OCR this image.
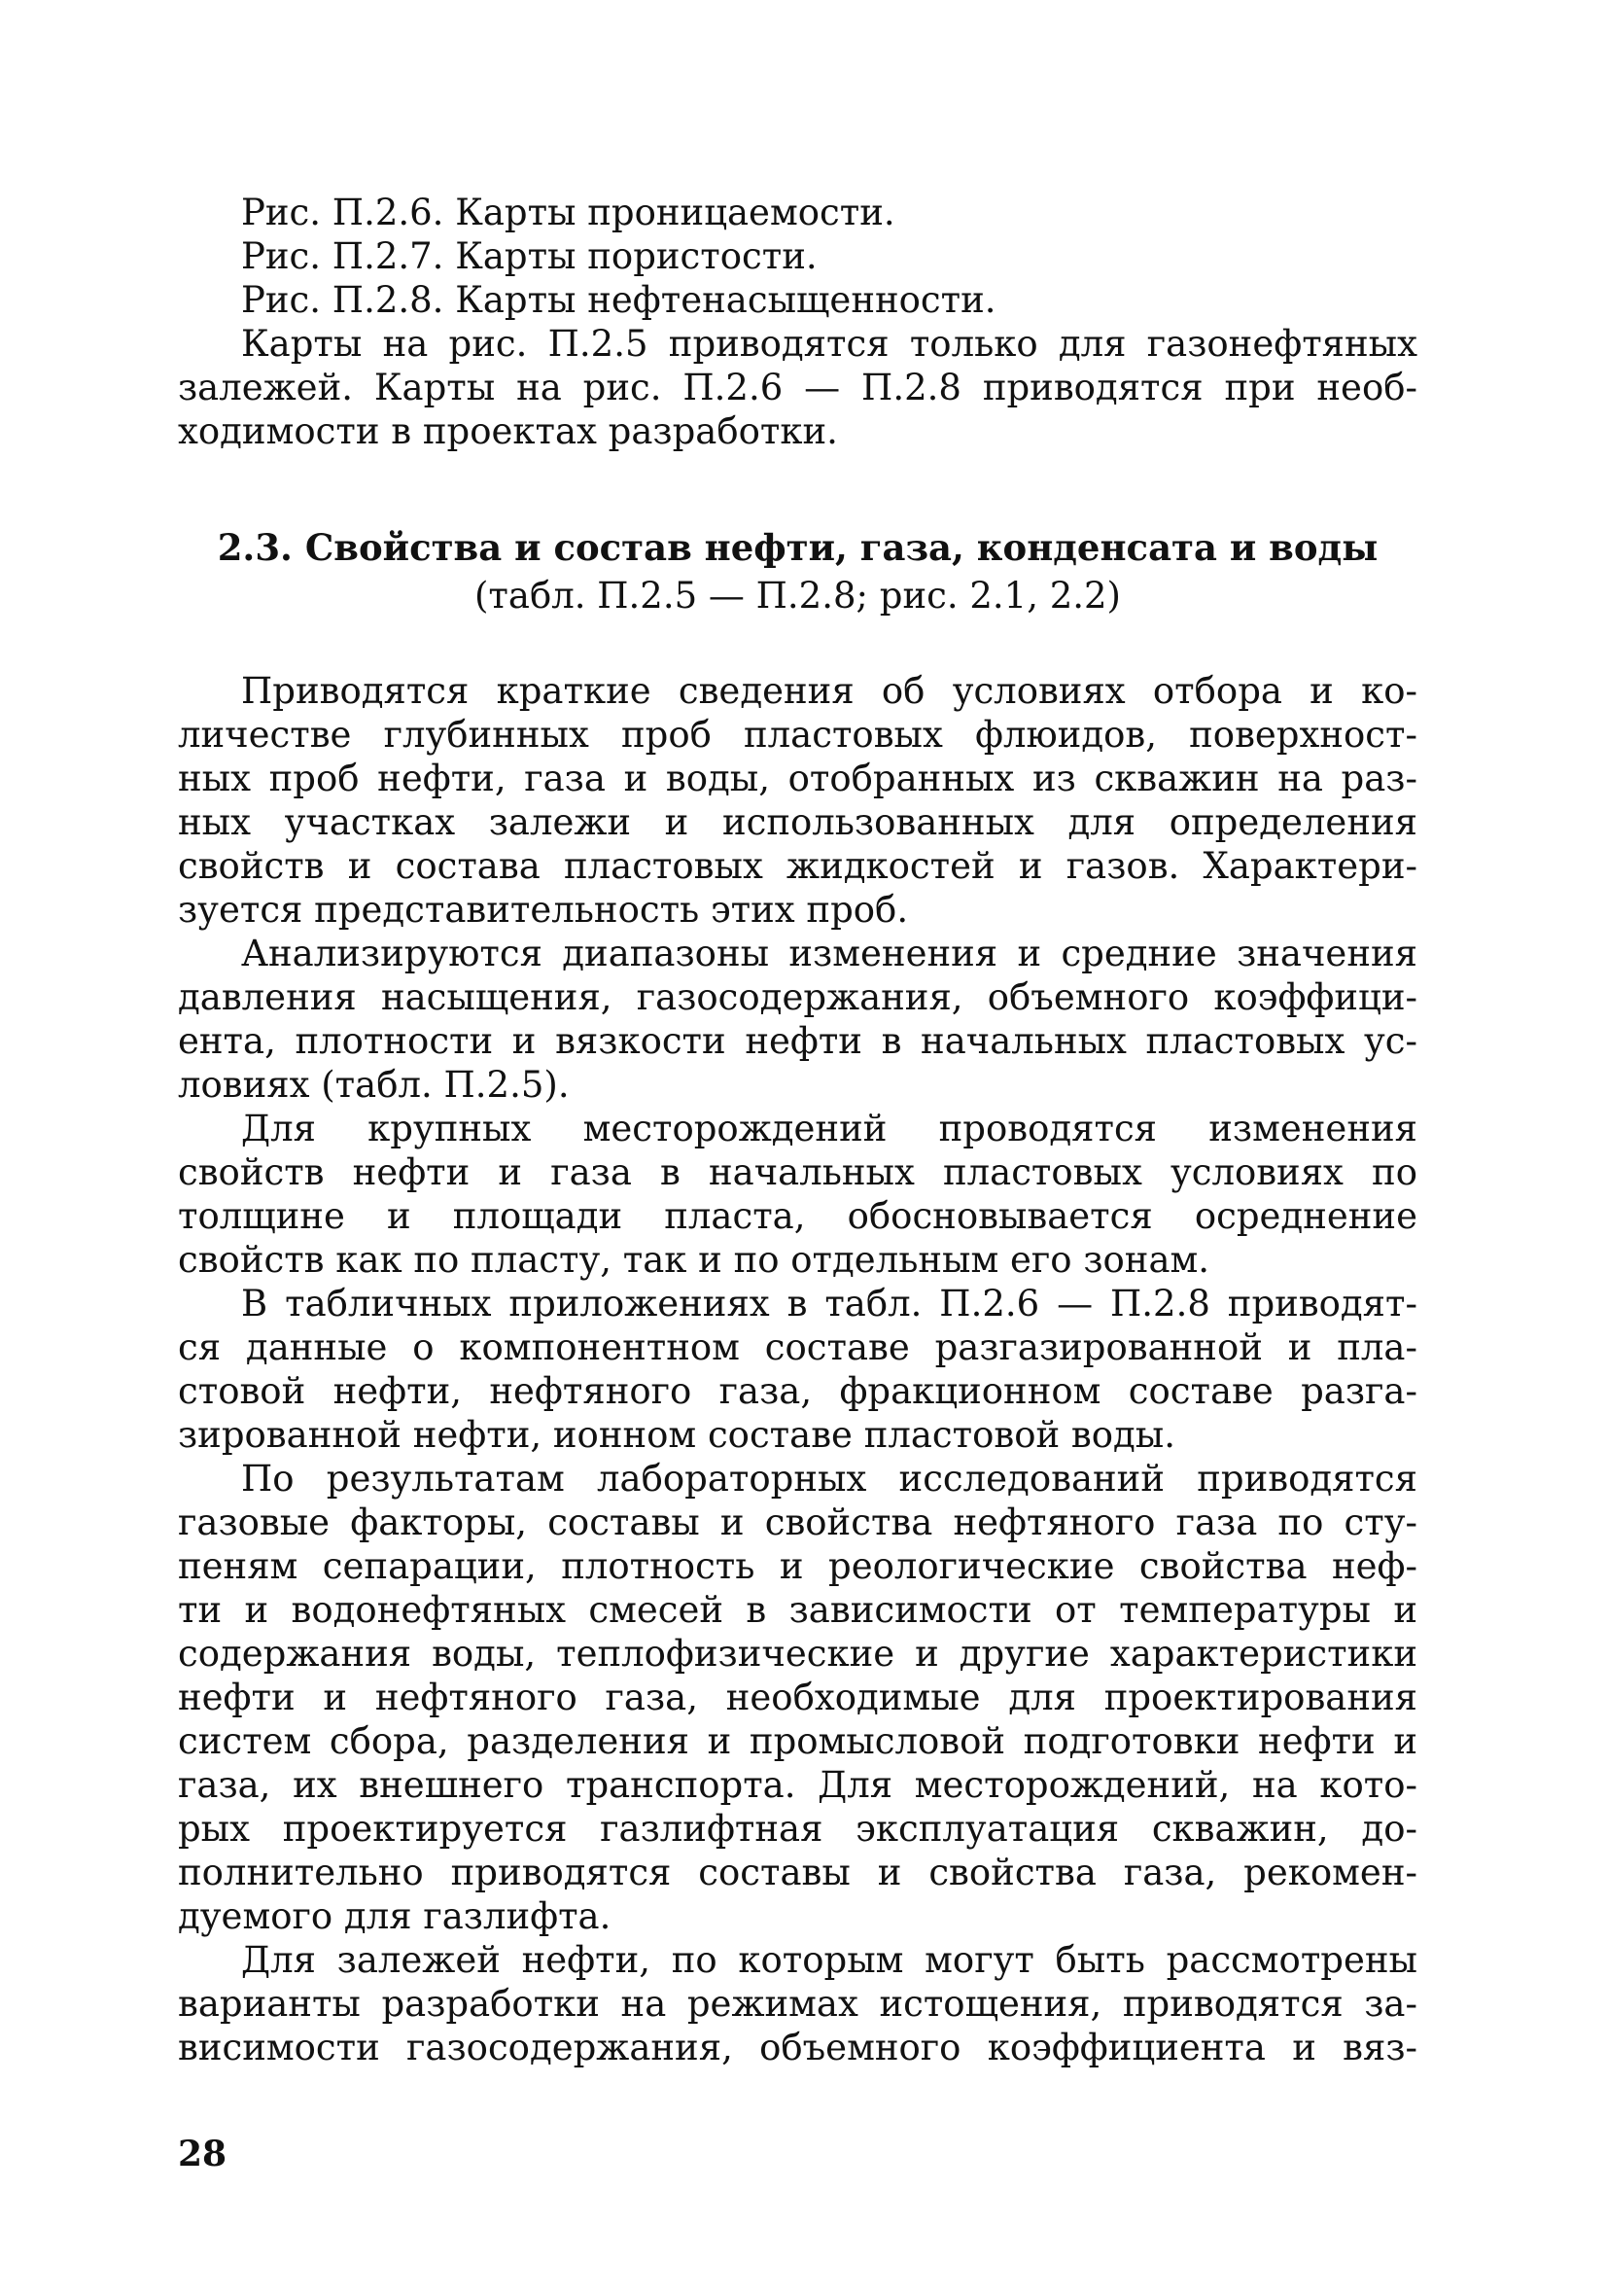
Рис. П.2.6. Карты проницаемости.
Рис. П.2.7. Карты пористости.
Рис. П.2.8. Карты нефтенасыщенности.
Карты на рис. П.2.5 приводятся только для газонефтяных
залежей. Карты на рис. П.2.6 — П.2.8 приводятся при необ-
ходимости в проектах разработки.
2.3. Свойства и состав нефти, газа, конденсата и воды
(табл. П.2.5 — П.2.8; рис. 2.1, 2.2)
Приводятся краткие сведения об условиях отбора и ко-
личестве глубинных проб пластовых флюидов, поверхност-
ных проб нефти, газа и воды, отобранных из скважин на раз-
ных участках залежи и использованных для определения
свойств и состава пластовых жидкостей и газов. Характери-
зуется представительность этих проб.
Анализируются диапазоны изменения и средние значения
давления насыщения, газосодержания, объемного коэффици-
ента, плотности и вязкости нефти в начальных пластовых ус-
ловиях (табл. П.2.5).
Для крупных месторождений проводятся изменения
свойств нефти и газа в начальных пластовых условиях по
толщине и площади пласта, обосновывается осреднение
свойств как по пласту, так и по отдельным его зонам.
В табличных приложениях в табл. П.2.6 — П.2.8 приводят-
ся данные о компонентном составе разгазированной и пла-
стовой нефти, нефтяного газа, фракционном составе разга-
зированной нефти, ионном составе пластовой воды.
По результатам лабораторных исследований приводятся
газовые факторы, составы и свойства нефтяного газа по сту-
пеням сепарации, плотность и реологические свойства неф-
ти и водонефтяных смесей в зависимости от температуры и
содержания воды, теплофизические и другие характеристики
нефти и нефтяного газа, необходимые для проектирования
систем сбора, разделения и промысловой подготовки нефти и
газа, их внешнего транспорта. Для месторождений, на кото-
рых проектируется газлифтная эксплуатация скважин, до-
полнительно приводятся составы и свойства газа, рекомен-
дуемого для газлифта.
Для залежей нефти, по которым могут быть рассмотрены
варианты разработки на режимах истощения, приводятся за-
висимости газосодержания, объемного коэффициента и вяз-
28
